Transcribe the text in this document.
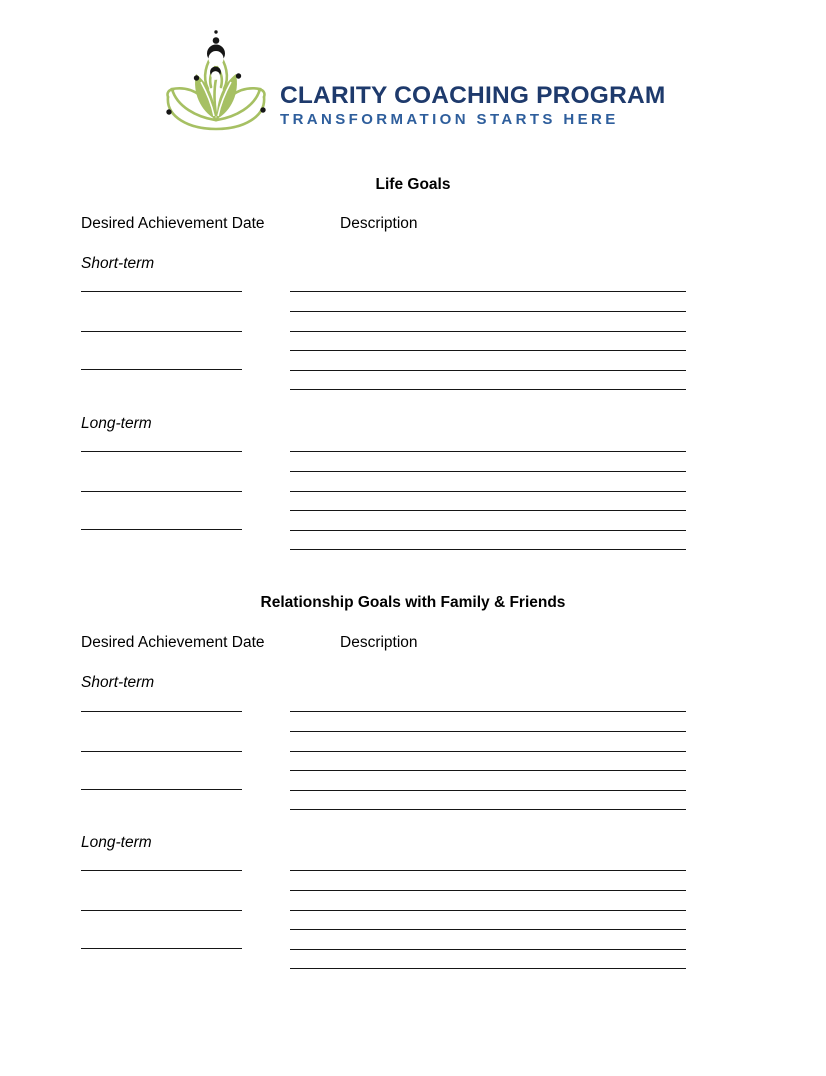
CLARITY COACHING PROGRAM
TRANSFORMATION STARTS HERE
Life Goals
Desired Achievement Date	Description
Short-term
Long-term
Relationship Goals with Family & Friends
Desired Achievement Date	Description
Short-term
Long-term
